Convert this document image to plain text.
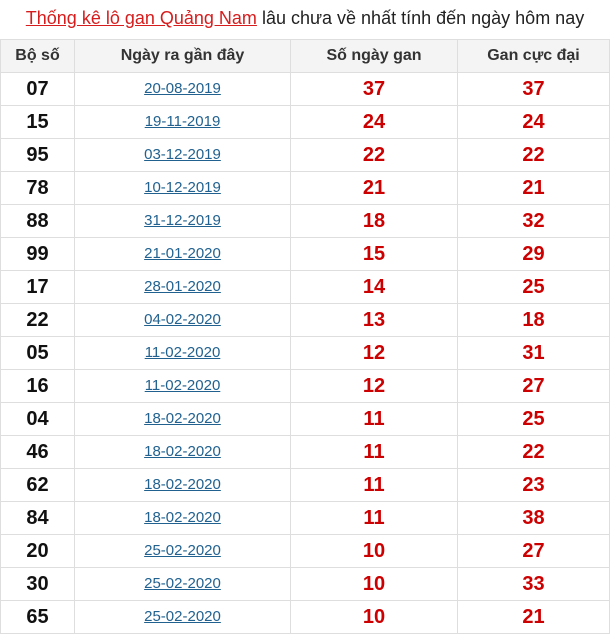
Thống kê lô gan Quảng Nam lâu chưa về nhất tính đến ngày hôm nay
Bộ số	Ngày ra gần đây	Số ngày gan	Gan cực đại
07	20-08-2019	37	37
15	19-11-2019	24	24
95	03-12-2019	22	22
78	10-12-2019	21	21
88	31-12-2019	18	32
99	21-01-2020	15	29
17	28-01-2020	14	25
22	04-02-2020	13	18
05	11-02-2020	12	31
16	11-02-2020	12	27
04	18-02-2020	11	25
46	18-02-2020	11	22
62	18-02-2020	11	23
84	18-02-2020	11	38
20	25-02-2020	10	27
30	25-02-2020	10	33
65	25-02-2020	10	21
